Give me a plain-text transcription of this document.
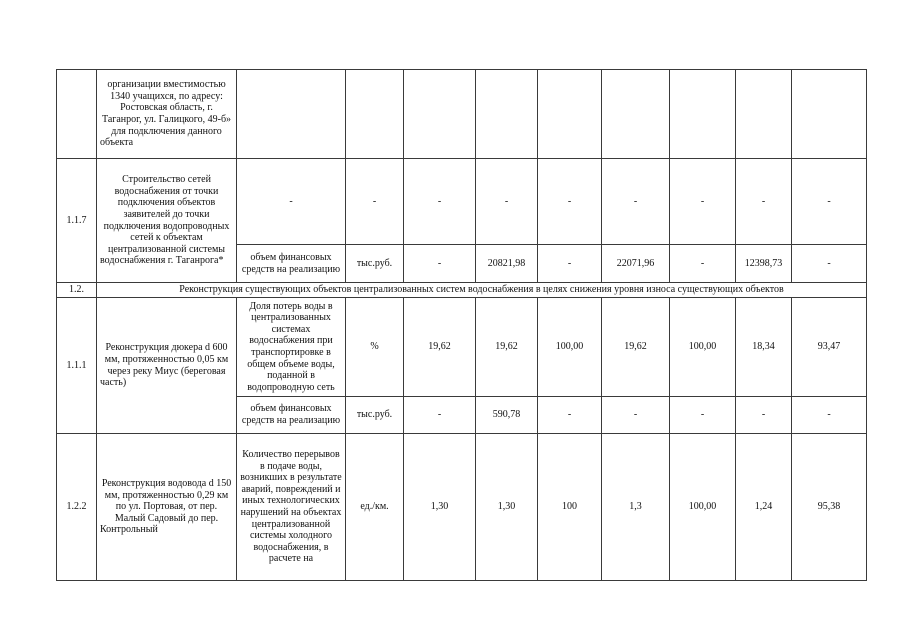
	организации вместимостью 1340 учащихся, по адресу: Ростовская область, г. Таганрог, ул. Галицкого, 49-б» для подключения данного объекта									
1.1.7	Строительство сетей водоснабжения от точки подключения объектов заявителей до точки подключения водопроводных сетей к объектам централизованной системы водоснабжения г. Таганрога*	-	-	-	-	-	-	-	-	-
		объем финансовых средств на реализацию	тыс.руб.	-	20821,98	-	22071,96	-	12398,73	-
1.2.	Реконструкция существующих объектов централизованных систем водоснабжения в целях снижения уровня износа существующих объектов									
1.1.1	Реконструкция дюкера d 600 мм, протяженностью 0,05 км через реку Миус (береговая часть)	Доля потерь воды в централизованных системах водоснабжения при транспортировке в общем объеме воды, поданной в водопроводную сеть	%	19,62	19,62	100,00	19,62	100,00	18,34	93,47
		объем финансовых средств на реализацию	тыс.руб.	-	590,78	-	-	-	-	-
1.2.2	Реконструкция водовода d 150 мм, протяженностью 0,29 км по ул. Портовая, от пер. Малый Садовый до пер. Контрольный	Количество перерывов в подаче воды, возникших в результате аварий, повреждений и иных технологических нарушений на объектах централизованной системы холодного водоснабжения, в расчете на	ед./км.	1,30	1,30	100	1,3	100,00	1,24	95,38
